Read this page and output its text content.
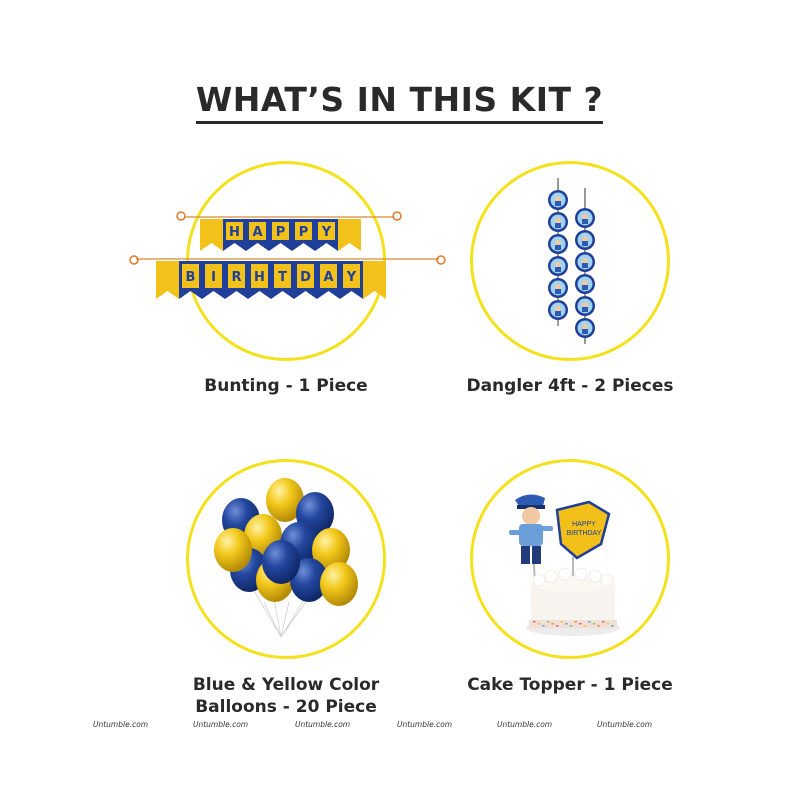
WHAT’S IN THIS KIT ?
H A P P Y
B I R H T D A Y
Bunting - 1 Piece	Dangler 4ft - 2 Pieces
Blue & Yellow Color
Balloons - 20 Piece
HAPPY
BIRTHDAY
Cake Topper - 1 Piece
Untumble.com	Untumble.com	Untumble.com	Untumble.com	Untumble.com	Untumble.com
